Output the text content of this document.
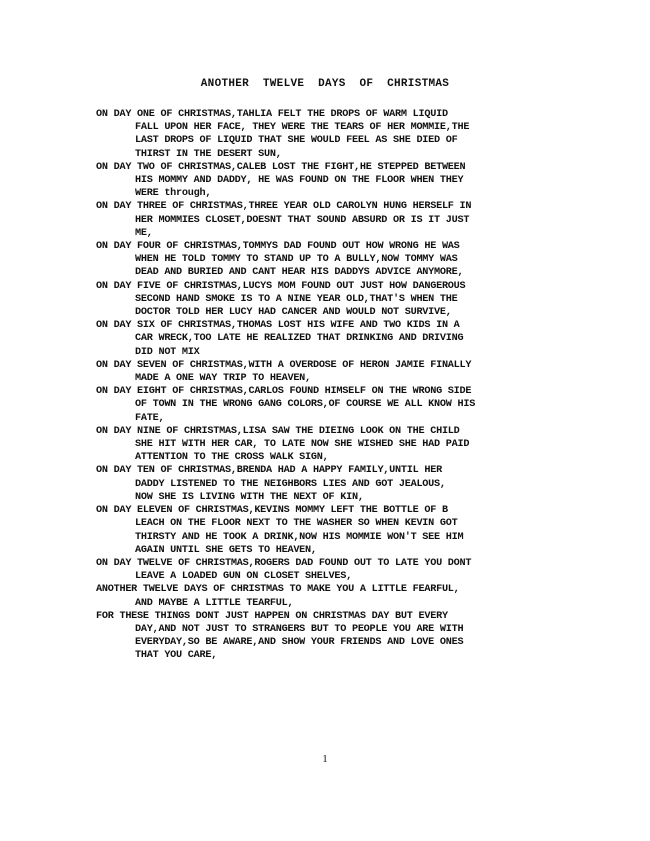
ANOTHER  TWELVE  DAYS  OF  CHRISTMAS
ON DAY ONE OF CHRISTMAS,TAHLIA FELT THE DROPS OF WARM LIQUID
FALL UPON HER FACE, THEY WERE THE TEARS OF HER MOMMIE,THE
LAST DROPS OF LIQUID THAT SHE WOULD FEEL AS SHE DIED OF
THIRST IN THE DESERT SUN,
ON DAY TWO OF CHRISTMAS,CALEB LOST THE FIGHT,HE STEPPED BETWEEN
HIS MOMMY AND DADDY, HE WAS FOUND ON THE FLOOR WHEN THEY
WERE through,
ON DAY THREE OF CHRISTMAS,THREE YEAR OLD CAROLYN HUNG HERSELF IN
HER MOMMIES CLOSET,DOESNT THAT SOUND ABSURD OR IS IT JUST
ME,
ON DAY FOUR OF CHRISTMAS,TOMMYS DAD FOUND OUT HOW WRONG HE WAS
WHEN HE TOLD TOMMY TO STAND UP TO A BULLY,NOW TOMMY WAS
DEAD AND BURIED AND CANT HEAR HIS DADDYS ADVICE ANYMORE,
ON DAY FIVE OF CHRISTMAS,LUCYS MOM FOUND OUT JUST HOW DANGEROUS
SECOND HAND SMOKE IS TO A NINE YEAR OLD,THAT'S WHEN THE
DOCTOR TOLD HER LUCY HAD CANCER AND WOULD NOT SURVIVE,
ON DAY SIX OF CHRISTMAS,THOMAS LOST HIS WIFE AND TWO KIDS IN A
CAR WRECK,TOO LATE HE REALIZED THAT DRINKING AND DRIVING
DID NOT MIX
ON DAY SEVEN OF CHRISTMAS,WITH A OVERDOSE OF HERON JAMIE FINALLY
MADE A ONE WAY TRIP TO HEAVEN,
ON DAY EIGHT OF CHRISTMAS,CARLOS FOUND HIMSELF ON THE WRONG SIDE
OF TOWN IN THE WRONG GANG COLORS,OF COURSE WE ALL KNOW HIS
FATE,
ON DAY NINE OF CHRISTMAS,LISA SAW THE DIEING LOOK ON THE CHILD
SHE HIT WITH HER CAR, TO LATE NOW SHE WISHED SHE HAD PAID
ATTENTION TO THE CROSS WALK SIGN,
ON DAY TEN OF CHRISTMAS,BRENDA HAD A HAPPY FAMILY,UNTIL HER
DADDY LISTENED TO THE NEIGHBORS LIES AND GOT JEALOUS,
NOW SHE IS LIVING WITH THE NEXT OF KIN,
ON DAY ELEVEN OF CHRISTMAS,KEVINS MOMMY LEFT THE BOTTLE OF B
LEACH ON THE FLOOR NEXT TO THE WASHER SO WHEN KEVIN GOT
THIRSTY AND HE TOOK A DRINK,NOW HIS MOMMIE WON'T SEE HIM
AGAIN UNTIL SHE GETS TO HEAVEN,
ON DAY TWELVE OF CHRISTMAS,ROGERS DAD FOUND OUT TO LATE YOU DONT
LEAVE A LOADED GUN ON CLOSET SHELVES,
ANOTHER TWELVE DAYS OF CHRISTMAS TO MAKE YOU A LITTLE FEARFUL,
AND MAYBE A LITTLE TEARFUL,
FOR THESE THINGS DONT JUST HAPPEN ON CHRISTMAS DAY BUT EVERY
DAY,AND NOT JUST TO STRANGERS BUT TO PEOPLE YOU ARE WITH
EVERYDAY,SO BE AWARE,AND SHOW YOUR FRIENDS AND LOVE ONES
THAT YOU CARE,
1
